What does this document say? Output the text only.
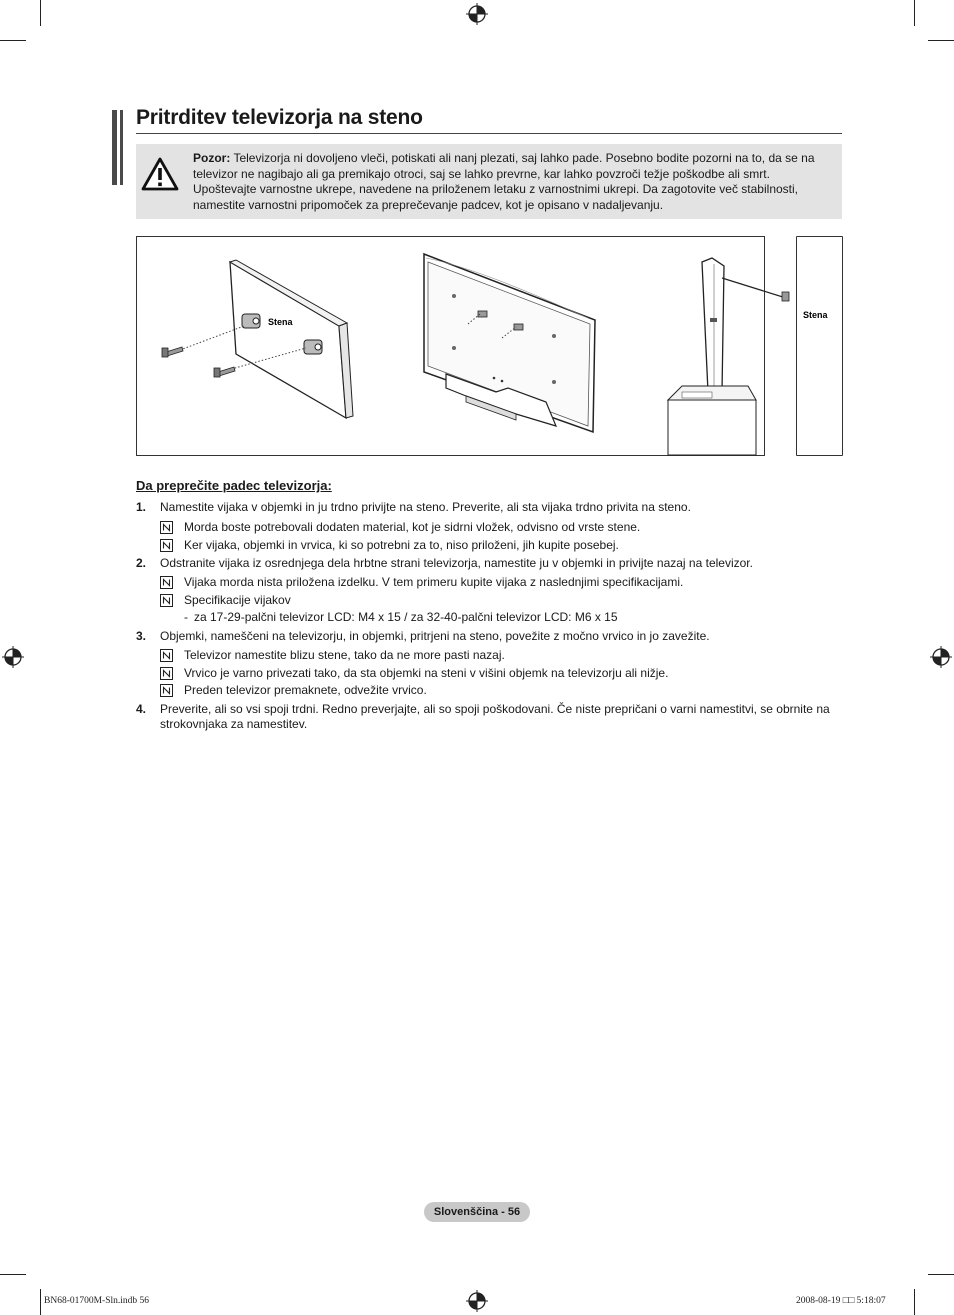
Pritrditev televizorja na steno

Pozor: Televizorja ni dovoljeno vleči, potiskati ali nanj plezati, saj lahko pade. Posebno bodite pozorni na to, da se na televizor ne nagibajo ali ga premikajo otroci, saj se lahko prevrne, kar lahko povzroči težje poškodbe ali smrt. Upoštevajte varnostne ukrepe, navedene na priloženem letaku z varnostnimi ukrepi. Da zagotovite več stabilnosti, namestite varnostni pripomoček za preprečevanje padcev, kot je opisano v nadaljevanju.

Stena
Stena
Da preprečite padec televizorja:

1. Namestite vijaka v objemki in ju trdno privijte na steno. Preverite, ali sta vijaka trdno privita na steno.

Morda boste potrebovali dodaten material, kot je sidrni vložek, odvisno od vrste stene.

Ker vijaka, objemki in vrvica, ki so potrebni za to, niso priloženi, jih kupite posebej.

2. Odstranite vijaka iz osrednjega dela hrbtne strani televizorja, namestite ju v objemki in privijte nazaj na televizor.

Vijaka morda nista priložena izdelku. V tem primeru kupite vijaka z naslednjimi specifikacijami.

Specifikacije vijakov

- za 17-29-palčni televizor LCD: M4 x 15 / za 32-40-palčni televizor LCD: M6 x 15

3. Objemki, nameščeni na televizorju, in objemki, pritrjeni na steno, povežite z močno vrvico in jo zavežite.

Televizor namestite blizu stene, tako da ne more pasti nazaj.

Vrvico je varno privezati tako, da sta objemki na steni v višini objemk na televizorju ali nižje.

Preden televizor premaknete, odvežite vrvico.

4. Preverite, ali so vsi spoji trdni. Redno preverjajte, ali so spoji poškodovani. Če niste prepričani o varni namestitvi, se obrnite na strokovnjaka za namestitev.

Slovenščina - 56
BN68-01700M-Sln.indb 56	2008-08-19 □□ 5:18:07
